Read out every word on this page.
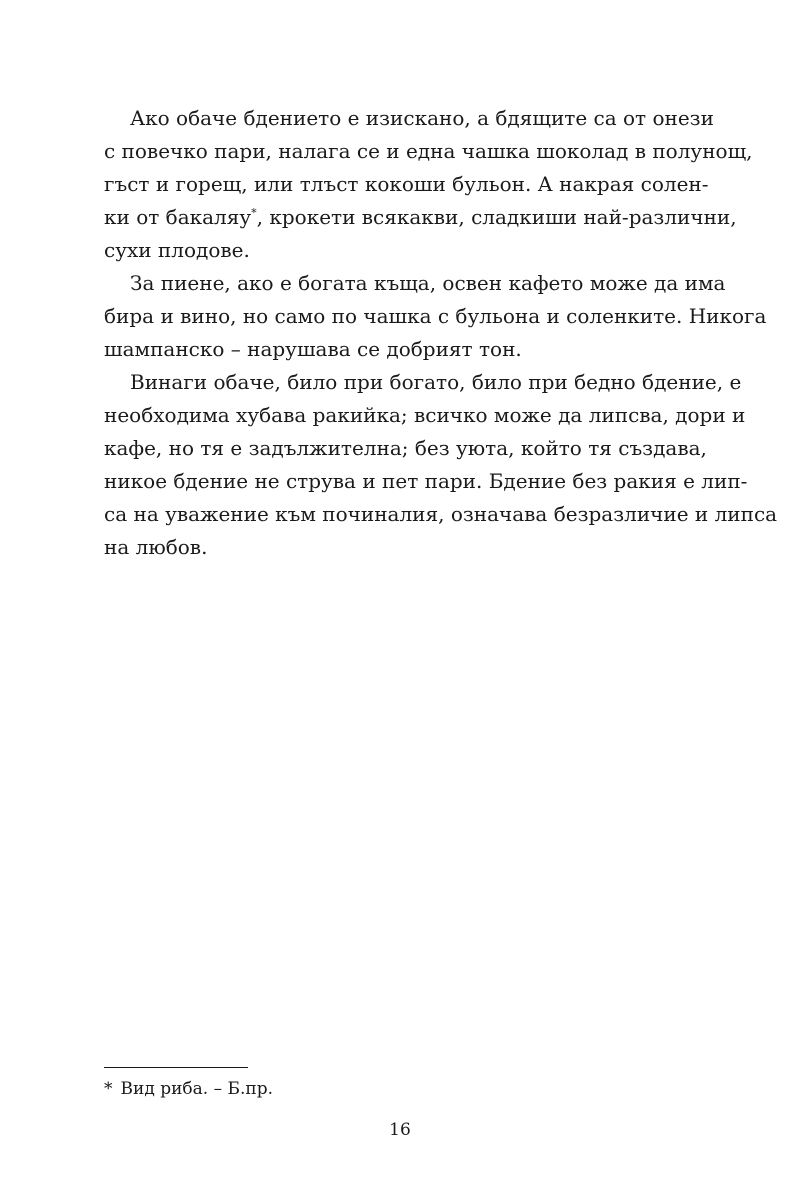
Ако обаче бдението е изискано, а бдящите са от онези
с повечко пари, налага се и една чашка шоколад в полунощ,
гъст и горещ, или тлъст кокоши бульон. А накрая солен-
ки от бакаляу*, крокети всякакви, сладкиши най-различни,
сухи плодове.
За пиене, ако е богата къща, освен кафето може да има
бира и вино, но само по чашка с бульона и соленките. Никога
шампанско – нарушава се добрият тон.
Винаги обаче, било при богато, било при бедно бдение, е
необходима хубава ракийка; всичко може да липсва, дори и
кафе, но тя е задължителна; без уюта, който тя създава,
никое бдение не струва и пет пари. Бдение без ракия е лип-
са на уважение към починалия, означава безразличие и липса
на любов.
* Вид риба. – Б.пр.
16
